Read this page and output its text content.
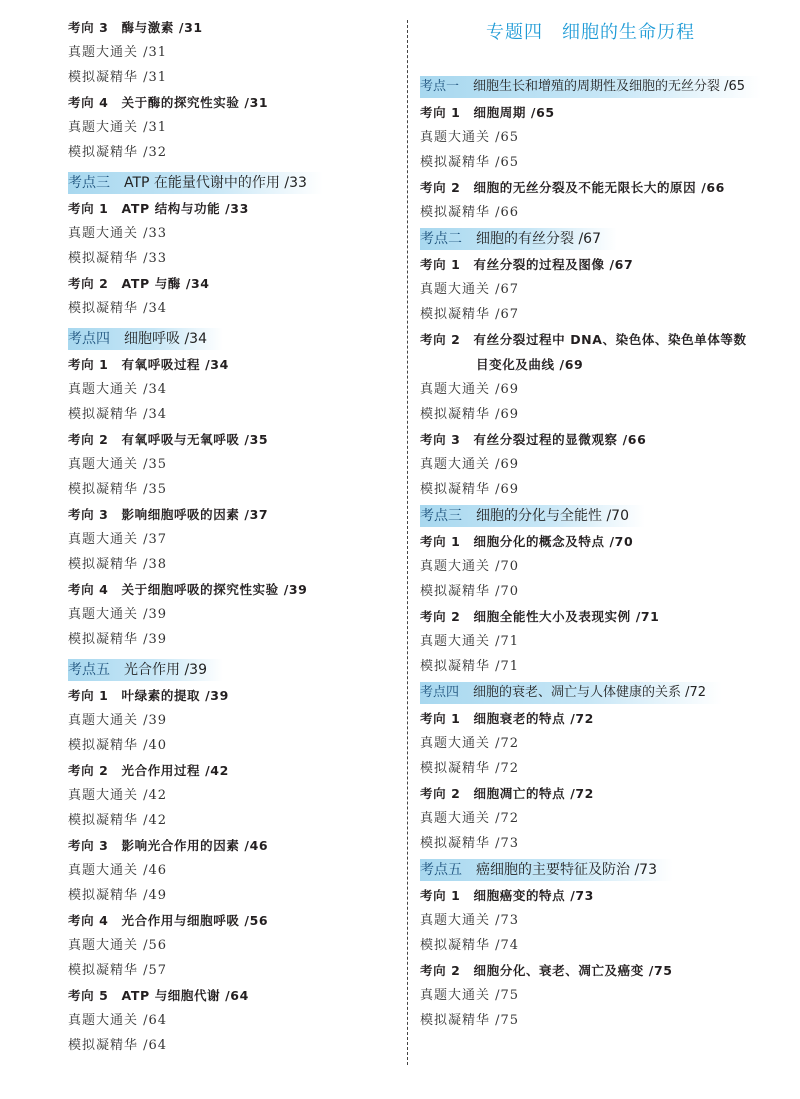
专题四　细胞的生命历程
考向 3　酶与激素 /31
真题大通关 /31
模拟凝精华 /31
考向 4　关于酶的探究性实验 /31
真题大通关 /31
模拟凝精华 /32
考点三 ATP 在能量代谢中的作用 /33
考向 1　ATP 结构与功能 /33
真题大通关 /33
模拟凝精华 /33
考向 2　ATP 与酶 /34
模拟凝精华 /34
考点四 细胞呼吸 /34
考向 1　有氧呼吸过程 /34
真题大通关 /34
模拟凝精华 /34
考向 2　有氧呼吸与无氧呼吸 /35
真题大通关 /35
模拟凝精华 /35
考向 3　影响细胞呼吸的因素 /37
真题大通关 /37
模拟凝精华 /38
考向 4　关于细胞呼吸的探究性实验 /39
真题大通关 /39
模拟凝精华 /39
考点五 光合作用 /39
考向 1　叶绿素的提取 /39
真题大通关 /39
模拟凝精华 /40
考向 2　光合作用过程 /42
真题大通关 /42
模拟凝精华 /42
考向 3　影响光合作用的因素 /46
真题大通关 /46
模拟凝精华 /49
考向 4　光合作用与细胞呼吸 /56
真题大通关 /56
模拟凝精华 /57
考向 5　ATP 与细胞代谢 /64
真题大通关 /64
模拟凝精华 /64
考点一 细胞生长和增殖的周期性及细胞的无丝分裂 /65
考向 1　细胞周期 /65
真题大通关 /65
模拟凝精华 /65
考向 2　细胞的无丝分裂及不能无限长大的原因 /66
模拟凝精华 /66
考点二 细胞的有丝分裂 /67
考向 1　有丝分裂的过程及图像 /67
真题大通关 /67
模拟凝精华 /67
考向 2　有丝分裂过程中 DNA、染色体、染色单体等数
目变化及曲线 /69
真题大通关 /69
模拟凝精华 /69
考向 3　有丝分裂过程的显微观察 /66
真题大通关 /69
模拟凝精华 /69
考点三 细胞的分化与全能性 /70
考向 1　细胞分化的概念及特点 /70
真题大通关 /70
模拟凝精华 /70
考向 2　细胞全能性大小及表现实例 /71
真题大通关 /71
模拟凝精华 /71
考点四 细胞的衰老、凋亡与人体健康的关系 /72
考向 1　细胞衰老的特点 /72
真题大通关 /72
模拟凝精华 /72
考向 2　细胞凋亡的特点 /72
真题大通关 /72
模拟凝精华 /73
考点五 癌细胞的主要特征及防治 /73
考向 1　细胞癌变的特点 /73
真题大通关 /73
模拟凝精华 /74
考向 2　细胞分化、衰老、凋亡及癌变 /75
真题大通关 /75
模拟凝精华 /75
